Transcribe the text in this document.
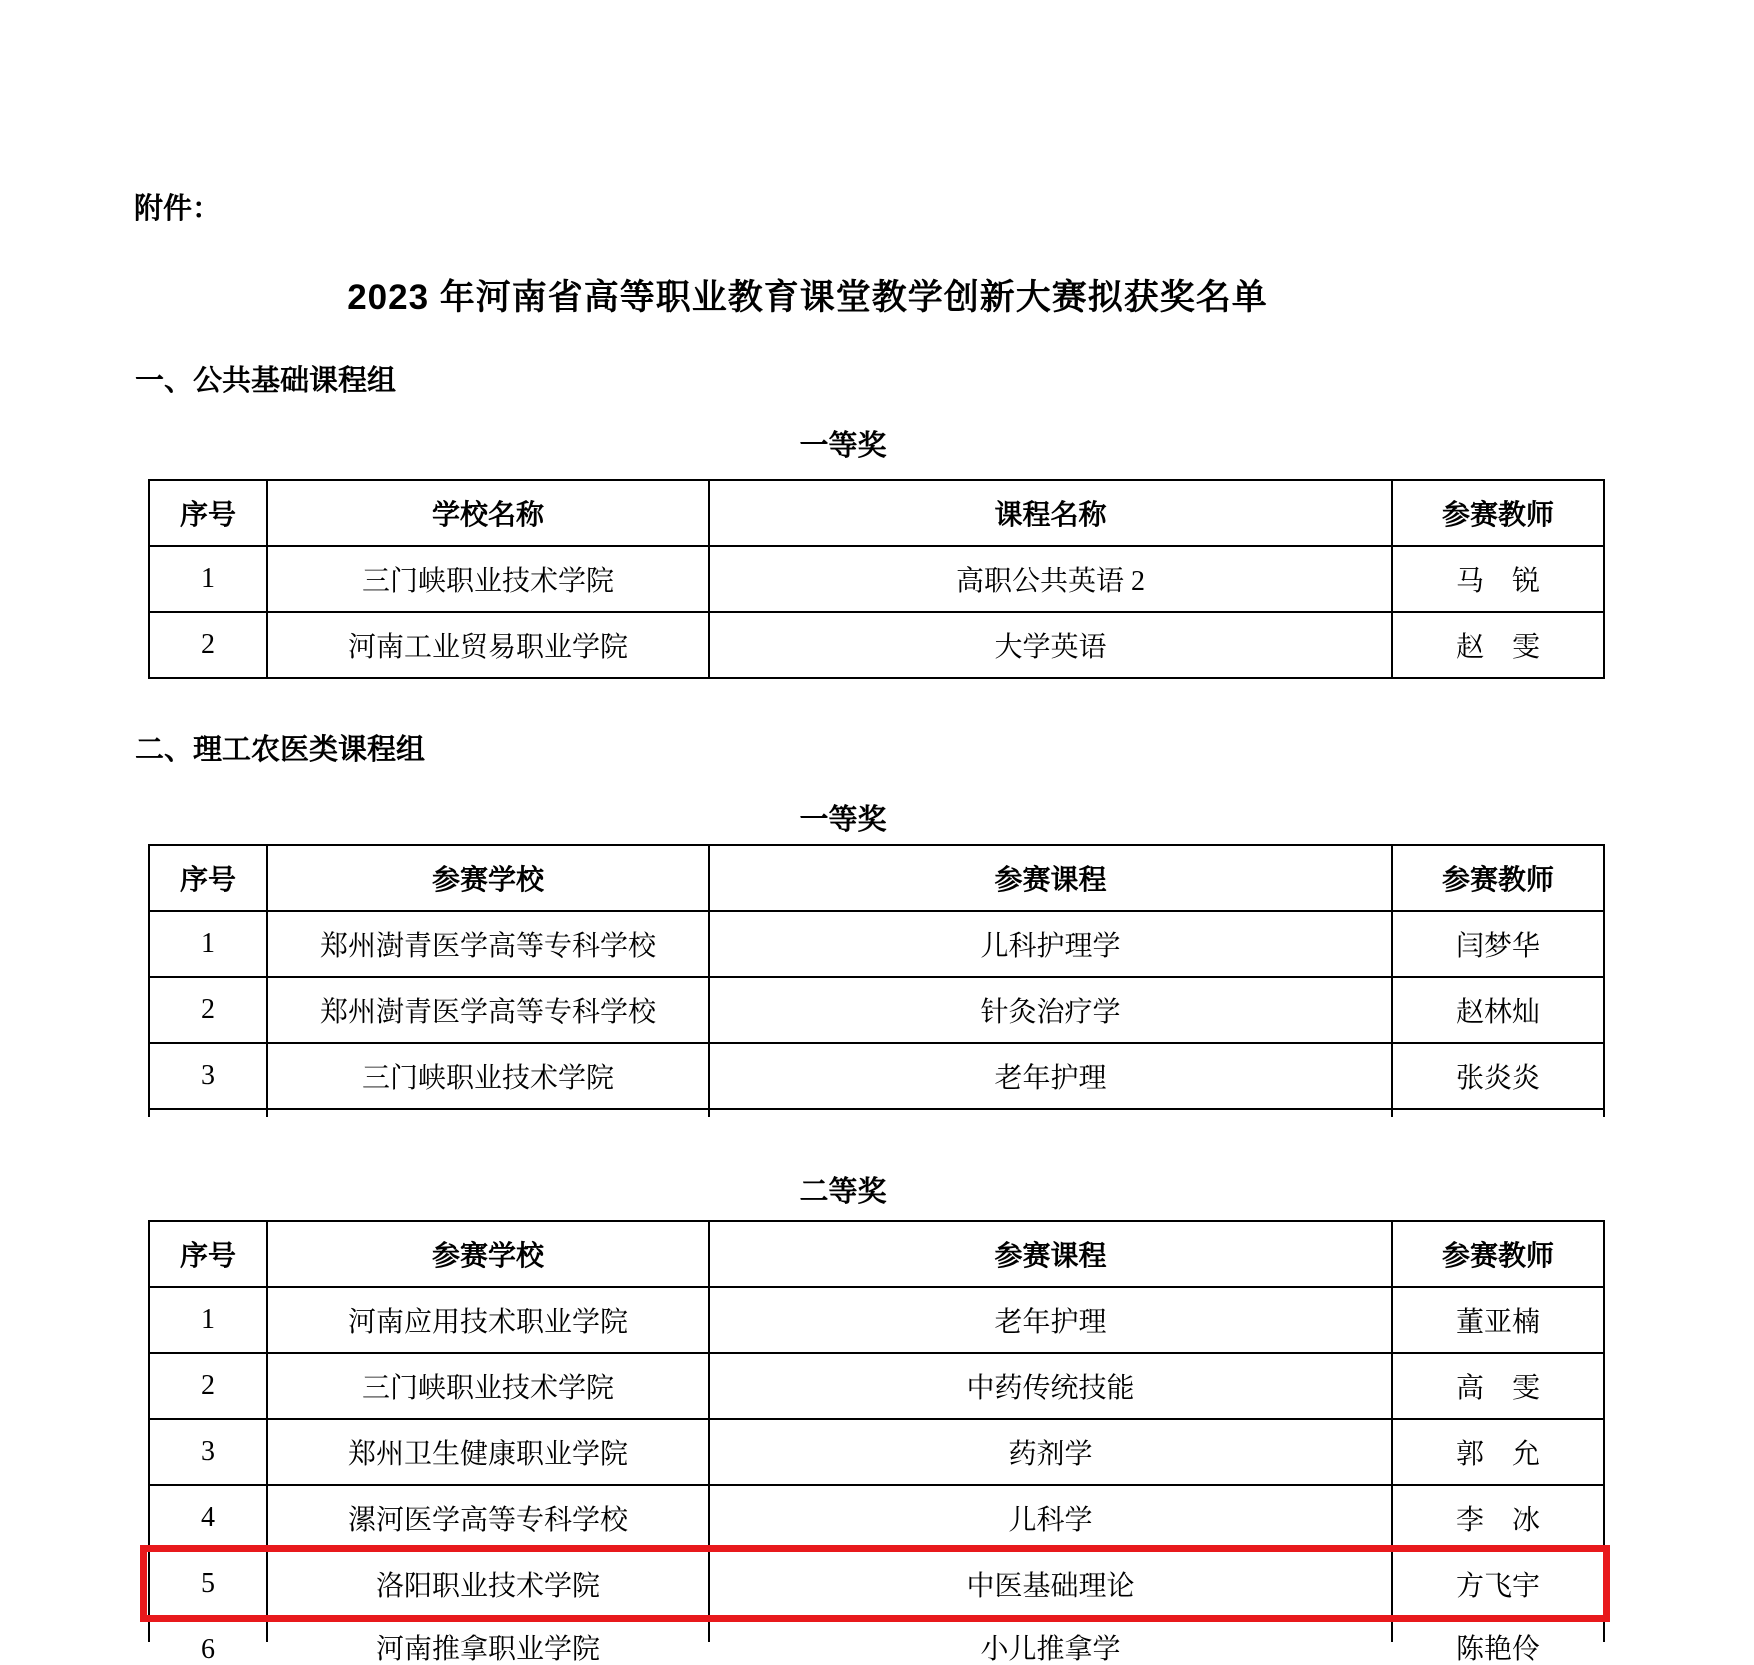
附件：
2023 年河南省高等职业教育课堂教学创新大赛拟获奖名单
一、公共基础课程组
一等奖
序号	学校名称	课程名称	参赛教师
1	三门峡职业技术学院	高职公共英语 2	马　锐
2	河南工业贸易职业学院	大学英语	赵　雯
二、理工农医类课程组
一等奖
序号	参赛学校	参赛课程	参赛教师
1	郑州澍青医学高等专科学校	儿科护理学	闫梦华
2	郑州澍青医学高等专科学校	针灸治疗学	赵林灿
3	三门峡职业技术学院	老年护理	张炎炎

二等奖
序号	参赛学校	参赛课程	参赛教师
1	河南应用技术职业学院	老年护理	董亚楠
2	三门峡职业技术学院	中药传统技能	高　雯
3	郑州卫生健康职业学院	药剂学	郭　允
4	漯河医学高等专科学校	儿科学	李　冰
5	洛阳职业技术学院	中医基础理论	方飞宇

6	河南推拿职业学院	小儿推拿学	陈艳伶
